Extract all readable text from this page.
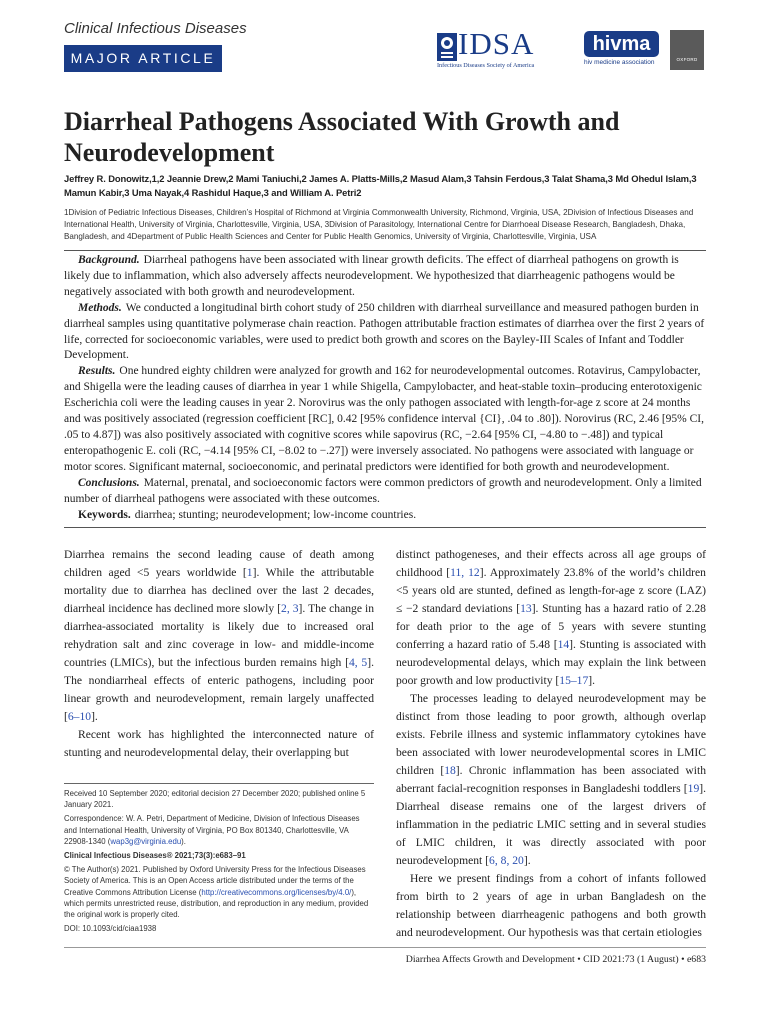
Clinical Infectious Diseases
MAJOR ARTICLE	IDSA
Infectious Diseases Society of America
hivma
hiv medicine association	OXFORD
Diarrheal Pathogens Associated With Growth and Neurodevelopment
Jeffrey R. Donowitz,1,2 Jeannie Drew,2 Mami Taniuchi,2 James A. Platts-Mills,2 Masud Alam,3 Tahsin Ferdous,3 Talat Shama,3 Md Ohedul Islam,3 Mamun Kabir,3 Uma Nayak,4 Rashidul Haque,3 and William A. Petri2
1Division of Pediatric Infectious Diseases, Children’s Hospital of Richmond at Virginia Commonwealth University, Richmond, Virginia, USA, 2Division of Infectious Diseases and International Health, University of Virginia, Charlottesville, Virginia, USA, 3Division of Parasitology, International Centre for Diarrhoeal Disease Research, Bangladesh, Dhaka, Bangladesh, and 4Department of Public Health Sciences and Center for Public Health Genomics, University of Virginia, Charlottesville, Virginia, USA

Background. Diarrheal pathogens have been associated with linear growth deficits. The effect of diarrheal pathogens on growth is likely due to inflammation, which also adversely affects neurodevelopment. We hypothesized that diarrheagenic pathogens would be negatively associated with both growth and neurodevelopment.

Methods. We conducted a longitudinal birth cohort study of 250 children with diarrheal surveillance and measured pathogen burden in diarrheal samples using quantitative polymerase chain reaction. Pathogen attributable fraction estimates of diarrhea over the first 2 years of life, corrected for socioeconomic variables, were used to predict both growth and scores on the Bayley-III Scales of Infant and Toddler Development.

Results. One hundred eighty children were analyzed for growth and 162 for neurodevelopmental outcomes. Rotavirus, Campylobacter, and Shigella were the leading causes of diarrhea in year 1 while Shigella, Campylobacter, and heat-stable toxin–producing enterotoxigenic Escherichia coli were the leading causes in year 2. Norovirus was the only pathogen associated with length-for-age z score at 24 months and was positively associated (regression coefficient [RC], 0.42 [95% confidence interval {CI}, .04 to .80]). Norovirus (RC, 2.46 [95% CI, .05 to 4.87]) was also positively associated with cognitive scores while sapovirus (RC, −2.64 [95% CI, −4.80 to −.48]) and typical enteropathogenic E. coli (RC, −4.14 [95% CI, −8.02 to −.27]) were inversely associated. No pathogens were associated with language or motor scores. Significant maternal, socioeconomic, and perinatal predictors were identified for both growth and neurodevelopment.

Conclusions. Maternal, prenatal, and socioeconomic factors were common predictors of growth and neurodevelopment. Only a limited number of diarrheal pathogens were associated with these outcomes.

Keywords. diarrhea; stunting; neurodevelopment; low-income countries.

Diarrhea remains the second leading cause of death among children aged <5 years worldwide [1]. While the attributable mortality due to diarrhea has declined over the last 2 decades, diarrheal incidence has declined more slowly [2, 3]. The change in diarrhea-associated mortality is likely due to increased oral rehydration salt and zinc coverage in low- and middle-income countries (LMICs), but the infectious burden remains high [4, 5]. The nondiarrheal effects of enteric pathogens, including poor linear growth and neurodevelopment, remain largely unaffected [6–10].

Recent work has highlighted the interconnected nature of stunting and neurodevelopmental delay, their overlapping but

Received 10 September 2020; editorial decision 27 December 2020; published online 5 January 2021.

Correspondence: W. A. Petri, Department of Medicine, Division of Infectious Diseases and International Health, University of Virginia, PO Box 801340, Charlottesville, VA 22908-1340 (wap3g@virginia.edu).

Clinical Infectious Diseases® 2021;73(3):e683–91

© The Author(s) 2021. Published by Oxford University Press for the Infectious Diseases Society of America. This is an Open Access article distributed under the terms of the Creative Commons Attribution License (http://creativecommons.org/licenses/by/4.0/), which permits unrestricted reuse, distribution, and reproduction in any medium, provided the original work is properly cited.

DOI: 10.1093/cid/ciaa1938

distinct pathogeneses, and their effects across all age groups of childhood [11, 12]. Approximately 23.8% of the world’s children <5 years old are stunted, defined as length-for-age z score (LAZ) ≤ −2 standard deviations [13]. Stunting has a hazard ratio of 2.28 for death prior to the age of 5 years with severe stunting conferring a hazard ratio of 5.48 [14]. Stunting is associated with neurodevelopmental delays, which may explain the link between poor growth and low productivity [15–17].

The processes leading to delayed neurodevelopment may be distinct from those leading to poor growth, although overlap exists. Febrile illness and systemic inflammatory cytokines have been associated with lower neurodevelopmental scores in LMIC children [18]. Chronic inflammation has been associated with aberrant facial-recognition responses in Bangladeshi toddlers [19]. Diarrheal disease remains one of the largest drivers of inflammation in the pediatric LMIC setting and in several studies of LMIC children, it was directly associated with poor neurodevelopment [6, 8, 20].

Here we present findings from a cohort of infants followed from birth to 2 years of age in urban Bangladesh on the relationship between diarrheagenic pathogens and both growth and neurodevelopment. Our hypothesis was that certain etiologies

Diarrhea Affects Growth and Development • CID 2021:73 (1 August) • e683
